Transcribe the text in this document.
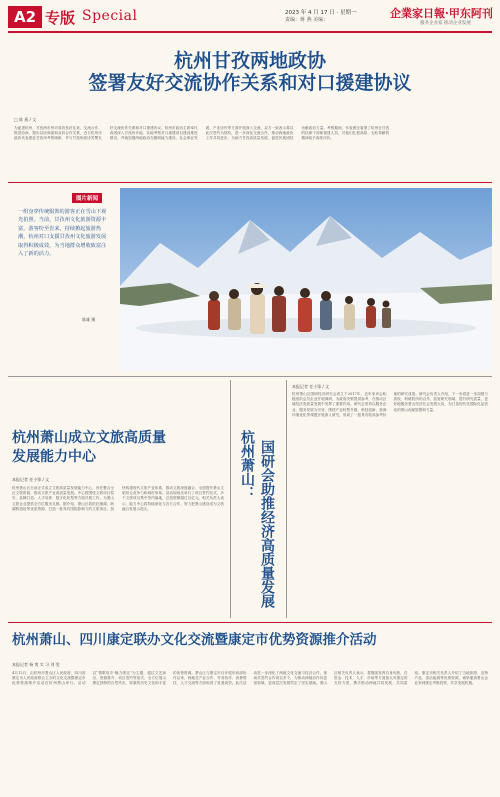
A2 专版 Special	2023 年 4 月 17 日 · 星期一
责编：蒋 燕 美编：	企業家日報·甲东阿刊
服务企业家 推动企业发展
杭州甘孜两地政协
签署友好交流协作关系和对口援建协议
□ 陈 燕 / 文
为促进杭州、甘孜两市州对成协发好往来，交流合作、推进协商，提出以协商促和双向合作关系，近日杭州市政协代表团赴甘孜州考察调研，并与甘孜州政协签署友好交流协作关系和对口援建协议。杭州市政协主席率代表团深入甘孜州多地，实地考察对口援建项目建设推进情况，并就加强两地政协在履职能力建设、社会事业发展、产业协作等方面开展深入交流，双方一致表示将以此次签约为契机，进一步深化交流合作，推动两地政协工作共同进步，为助力甘孜高质量发展、促进民族团结贡献政协力量。考察期间，代表团还看望了杭州在甘孜的挂职干部和援建人员，对他们扎根高原、无私奉献的精神给予高度评价。
图片新闻
一组身穿传统服饰的游客正在雪山下观光拍照。当前，甘孜州文化旅游资源丰富，游客纷至沓来，持续掀起旅游热潮，杭州对口支援甘孜州文化旅游发展取得积极成效，为当地群众增收致富注入了新的活力。
陈雄 摄
杭州萧山成立文旅高质量
发展能力中心
本报记者 任小锋 / 文
杭州萧山区日前正式成立文旅高质量发展能力中心，旨在整合全区文旅资源，推动文旅产业高质量发展。中心将围绕文旅项目招引、品牌打造、人才培养、数字化转型等方面开展工作，为萧山文旅企业提供全方位服务支撑。据介绍，萧山区将依托湘湖、跨湖桥遗址等优质资源，打造一批具有国际影响力的文旅项目，加快构建现代文旅产业体系，推动文旅深度融合，全面提升萧山文旅综合竞争力和城市形象。活动现场还举行了项目签约仪式，多个文旅项目集中签约落地，总投资额超过百亿元。相关负责人表示，能力中心将持续深化与各方合作，努力把萧山建设成为文旅融合发展示范区。
杭州萧山： 国研会助推经济高质量发展
本报记者 任小锋 / 文
杭州萧山区国研经济研究会成立于2017年，近年来该会积极组织会员企业开展调研，为政府决策提供参考，在推动区域经济高质量发展中发挥了重要作用。研究会坚持以服务企业、服务发展为宗旨，围绕产业转型升级、科技创新、营商环境优化等课题开展深入研究，形成了一批具有较高参考价值的研究成果。研究会负责人介绍，下一步将进一步加强与高校、科研院所的合作，拓宽研究领域，提升研究质量，更好地服务萧山经济社会发展大局，为打造现代化国际化品质化的萧山贡献智慧和力量。
杭州萧山、四川康定联办文化交流暨康定市优势资源推介活动
本报记者 杨 爽 实 习 刘 雯
4月12日，由杭州市萧山区人民政府、四川省康定市人民政府联合主办的文化交流暨康定市优势资源推介活动在杭州萧山举行。活动以“情歌故乡·魅力康定”为主题，通过文艺演出、资源推介、项目签约等形式，全方位展示康定独特的自然风光、厚重的历史文化和丰富的优势资源。萧山区与康定市自开展东西部协作以来，两地在产业合作、劳务协作、消费帮扶、人才交流等方面取得了显著成效。此次活动进一步深化了两地文化交流与经济合作，现场共签约合作项目多个，为推动两地协作向更宽领域、更深层次发展奠定了坚实基础。萧山区相关负责人表示，将继续发挥自身优势，在资金、技术、人才、市场等方面加大对康定的支持力度，携手推动两地共同发展、共同富裕。康定市相关负责人介绍了当地旅游、农特产品、清洁能源等优势资源，诚挚邀请萧山企业家到康定考察投资，共享发展机遇。
